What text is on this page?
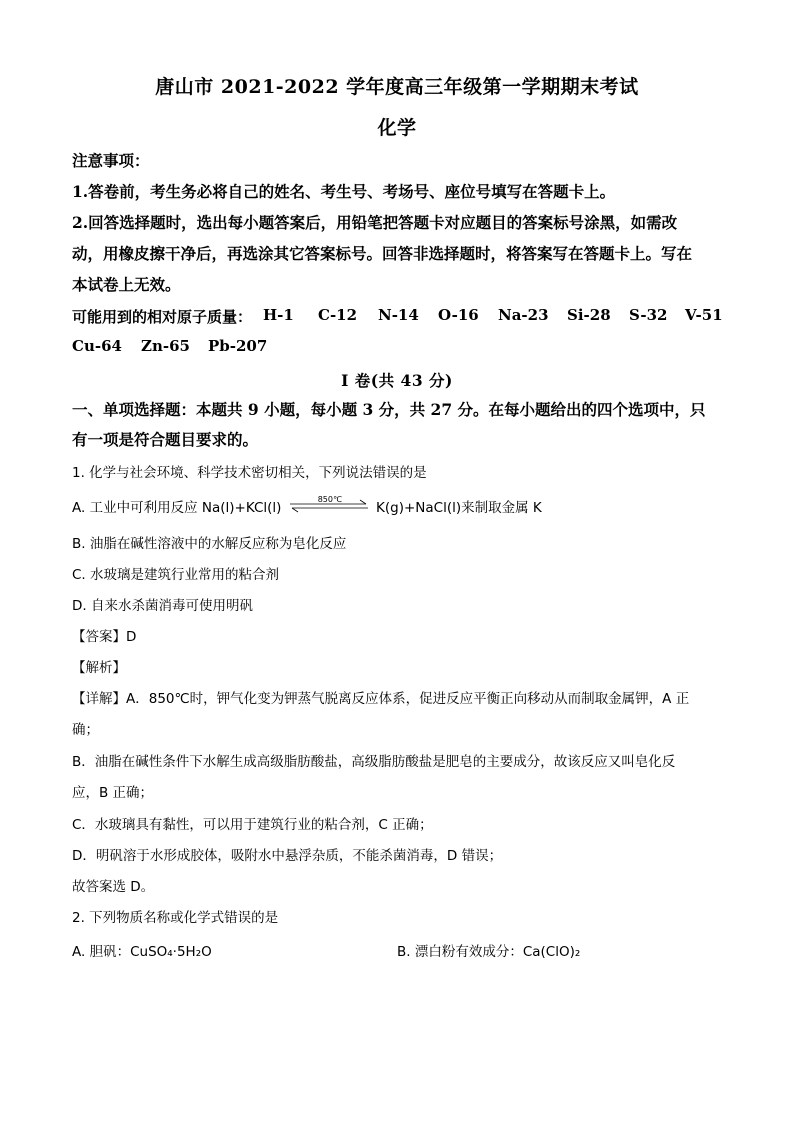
唐山市 2021-2022 学年度高三年级第一学期期末考试
化学
注意事项：
1.答卷前，考生务必将自己的姓名、考生号、考场号、座位号填写在答题卡上。
2.回答选择题时，选出每小题答案后，用铅笔把答题卡对应题目的答案标号涂黑，如需改
动，用橡皮擦干净后，再选涂其它答案标号。回答非选择题时，将答案写在答题卡上。写在
本试卷上无效。
可能用到的相对原子质量： H-1 C-12 N-14 O-16 Na-23 Si-28 S-32 V-51
Cu-64 Zn-65 Pb-207
I 卷(共 43 分)
一、单项选择题：本题共 9 小题，每小题 3 分，共 27 分。在每小题给出的四个选项中，只
有一项是符合题目要求的。
1. 化学与社会环境、科学技术密切相关，下列说法错误的是
A. 工业中可利用反应 Na(l)+KCl(l)
850℃
K(g)+NaCl(l)来制取金属 K
B. 油脂在碱性溶液中的水解反应称为皂化反应
C. 水玻璃是建筑行业常用的粘合剂
D. 自来水杀菌消毒可使用明矾
【答案】D
【解析】
【详解】A．850℃时，钾气化变为钾蒸气脱离反应体系，促进反应平衡正向移动从而制取金属钾，A 正
确；
B．油脂在碱性条件下水解生成高级脂肪酸盐，高级脂肪酸盐是肥皂的主要成分，故该反应又叫皂化反
应，B 正确；
C．水玻璃具有黏性，可以用于建筑行业的粘合剂，C 正确；
D．明矾溶于水形成胶体，吸附水中悬浮杂质，不能杀菌消毒，D 错误；
故答案选 D。
2. 下列物质名称或化学式错误的是
A. 胆矾：CuSO₄·5H₂O	B. 漂白粉有效成分：Ca(ClO)₂
